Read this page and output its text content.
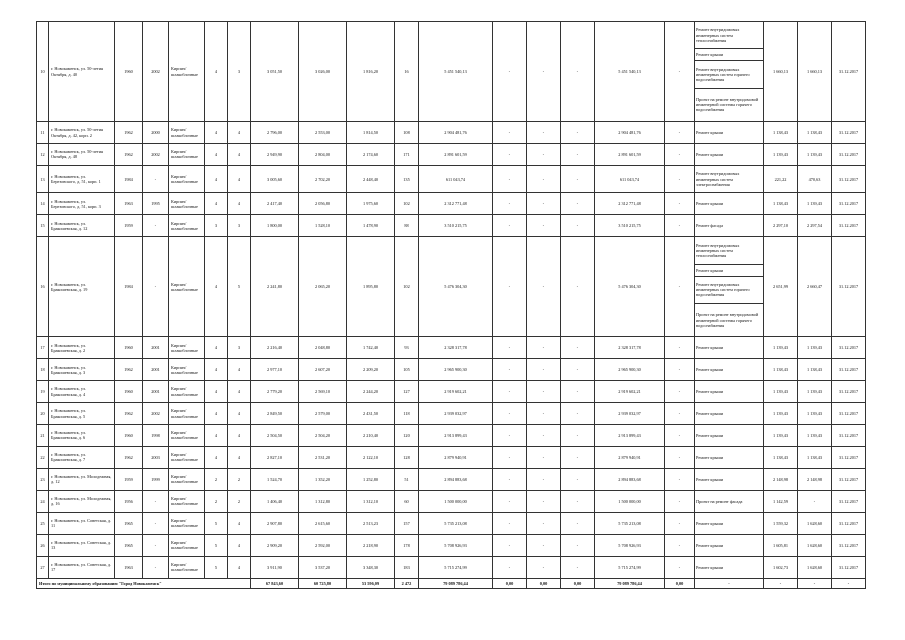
10	г. Новокаменск, ул. 50-летия Октября, д. 40	1960	2002	Кирпич/ шлакоблочные	4	3	3 051,50	3 026,00	1 816,20	16	5 451 540,13	-	-	-	5 451 540,13	-	Ремонт внутридомовых инженерных систем теплоснабжения	1 660,13	1 660,13	31.12.2017
																	Ремонт крыши			
																	Ремонт внутридомовых инженерных систем горячего водоснабжения			
																	Проект на ремонт внутридомовой инженерной системы горячего водоснабжения			
11	г. Новокаменск, ул. 50-летия Октября, д. 42, корп. 2	1962	2000	Кирпич/ шлакоблочные	4	4	2 796,00	2 553,00	1 814,50	108	2 904 481,76	-	-	-	2 904 481,76	-	Ремонт крыши	1 138,43	1 138,43	31.12.2017
12	г. Новокаменск, ул. 50-летия Октября, д. 48	1962	2002	Кирпич/ шлакоблочные	4	4	2 949,90	2 804,00	2 174,60	171	2 891 601,59	-	-	-	2 891 601,59	-	Ремонт крыши	1 139,43	1 139,43	31.12.2017
13	г. Новокаменск, ул. Березовского, д. 51, корп. 1	1984	-	Кирпич/ шлакоблочные	4	4	3 005,60	2 702,20	2 448,40	135	611 043,74	-	-	-	611 043,74	-	Ремонт внутридомовых инженерных систем электроснабжения	221,22	470,63	31.12.2017
14	г. Новокаменск, ул. Березовского, д. 51, корп. 3	1963	1995	Кирпич/ шлакоблочные	4	4	2 417,40	2 056,80	1 975,60	102	2 312 771,48	-	-	-	2 312 771,48	-	Ремонт крыши	1 138,43	1 139,43	31.12.2017
15	г. Новокаменск, ул. Бракошевская, д. 12	1959	-	Кирпич/ шлакоблочные	3	3	1 800,00	1 528,10	1 478,90	88	3 510 215,75	-	-	-	3 510 215,75	-	Ремонт фасада	2 297,10	2 297,54	31.12.2017
16	г. Новокаменск, ул. Бракошевская, д. 19	1984	-	Кирпич/ шлакоблочные	4	5	2 241,80	2 065,20	1 895,80	102	5 476 304,30	-	-	-	5 476 304,30	-	Ремонт внутридомовых инженерных систем теплоснабжения	2 651,99	2 660,47	31.12.2017
																	Ремонт крыши			
																	Ремонт внутридомовых инженерных систем горячего водоснабжения			
																	Проект на ремонт внутридомовой инженерной системы горячего водоснабжения			
17	г. Новокаменск, ул. Бракошевская, д. 2	1960	2001	Кирпич/ шлакоблочные	4	3	2 216,40	2 048,80	1 742,40	93	2 328 317,78	-	-	-	2 328 317,78	-	Ремонт крыши	1 139,43	1 139,43	31.12.2017
18	г. Новокаменск, ул. Бракошевская, д. 3	1962	2001	Кирпич/ шлакоблочные	4	4	2 977,10	2 607,20	2 209,20	105	2 965 900,30	-	-	-	2 965 900,30	-	Ремонт крыши	1 138,43	1 138,43	31.12.2017
19	г. Новокаменск, ул. Бракошевская, д. 4	1960	2001	Кирпич/ шлакоблочные	4	4	2 779,20	2 569,10	2 244,20	127	2 919 602,21	-	-	-	2 919 602,21	-	Ремонт крыши	1 139,43	1 139,43	31.12.2017
20	г. Новокаменск, ул. Бракошевская, д. 5	1962	2002	Кирпич/ шлакоблочные	4	4	2 849,50	2 579,00	2 431,50	118	2 939 032,97	-	-	-	2 939 032,97	-	Ремонт крыши	1 139,43	1 139,43	31.12.2017
21	г. Новокаменск, ул. Бракошевская, д. 6	1960	1998	Кирпич/ шлакоблочные	4	4	2 504,50	2 504,20	2 210,40	120	2 913 899,43	-	-	-	2 913 899,43	-	Ремонт крыши	1 139,43	1 139,43	31.12.2017
22	г. Новокаменск, ул. Бракошевская, д. 7	1962	2003	Кирпич/ шлакоблочные	4	4	2 827,10	2 531,20	2 122,10	128	2 879 940,91	-	-	-	2 879 940,91	-	Ремонт крыши	1 138,43	1 138,43	31.12.2017
23	г. Новокаменск, ул. Молодежная, д. 12	1959	1999	Кирпич/ шлакоблочные	2	2	1 524,70	1 352,20	1 252,80	51	2 894 883,68	-	-	-	2 894 883,68	-	Ремонт крыши	2 148,98	2 148,98	31.12.2017
24	г. Новокаменск, ул. Молодежная, д. 16	1956	-	Кирпич/ шлакоблочные	2	2	1 406,40	1 312,80	1 312,10	60	1 500 000,00	-	-	-	1 500 000,00	-	Проект на ремонт фасада	1 142,59	-	31.12.2017
25	г. Новокаменск, ул. Советская, д. 11	1965	-	Кирпич/ шлакоблочные	5	4	2 907,80	2 615,60	2 513,23	157	5 735 213,08	-	-	-	5 735 213,08	-	Ремонт крыши	1 559,32	1 628,60	31.12.2017
26	г. Новокаменск, ул. Советская, д. 13	1965	-	Кирпич/ шлакоблочные	5	4	2 909,20	2 592,00	2 218,90	178	5 708 926,93	-	-	-	5 708 926,93	-	Ремонт крыши	1 605,81	1 628,60	31.12.2017
27	г. Новокаменск, ул. Советская, д. 17	1963	-	Кирпич/ шлакоблочные	5	4	3 911,90	3 537,20	3 348,30	183	5 715 274,99	-	-	-	5 715 274,99	-	Ремонт крыши	1 602,73	1 628,60	31.12.2017
Итого по муниципальному образованию "Город Новокаменск"							67 843,60	60 725,80	53 596,09	2 472	79 089 786,44	0,00	0,00	0,00	79 089 786,44	0,00	-	-	-	-
